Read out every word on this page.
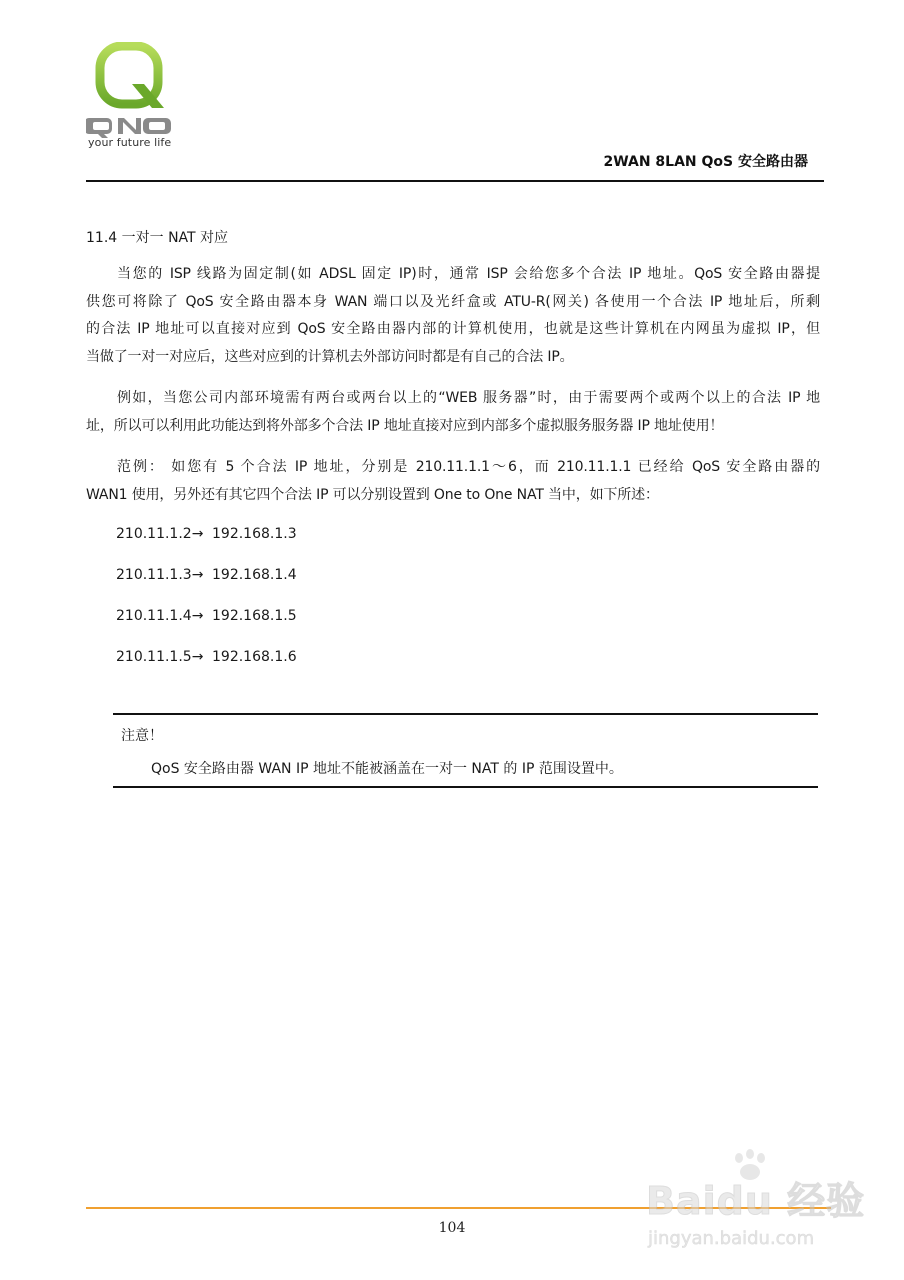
your future life
2WAN 8LAN QoS 安全路由器
11.4 一对一 NAT 对应
当您的 ISP 线路为固定制(如 ADSL 固定 IP)时，通常 ISP 会给您多个合法 IP 地址。QoS 安全路由器提
供您可将除了 QoS 安全路由器本身 WAN 端口以及光纤盒或 ATU-R(网关) 各使用一个合法 IP 地址后，所剩
的合法 IP 地址可以直接对应到 QoS 安全路由器内部的计算机使用，也就是这些计算机在内网虽为虚拟 IP，但
当做了一对一对应后，这些对应到的计算机去外部访问时都是有自己的合法 IP。
例如，当您公司内部环境需有两台或两台以上的“WEB 服务器”时，由于需要两个或两个以上的合法 IP 地
址，所以可以利用此功能达到将外部多个合法 IP 地址直接对应到内部多个虚拟服务服务器 IP 地址使用！
范例： 如您有 5 个合法 IP 地址，分别是 210.11.1.1～6，而 210.11.1.1 已经给 QoS 安全路由器的
WAN1 使用，另外还有其它四个合法 IP 可以分别设置到 One to One NAT 当中，如下所述：
210.11.1.2→ 192.168.1.3
210.11.1.3→ 192.168.1.4
210.11.1.4→ 192.168.1.5
210.11.1.5→ 192.168.1.6
注意！
QoS 安全路由器 WAN IP 地址不能被涵盖在一对一 NAT 的 IP 范围设置中。
104
Baidu 经验
jingyan.baidu.com
